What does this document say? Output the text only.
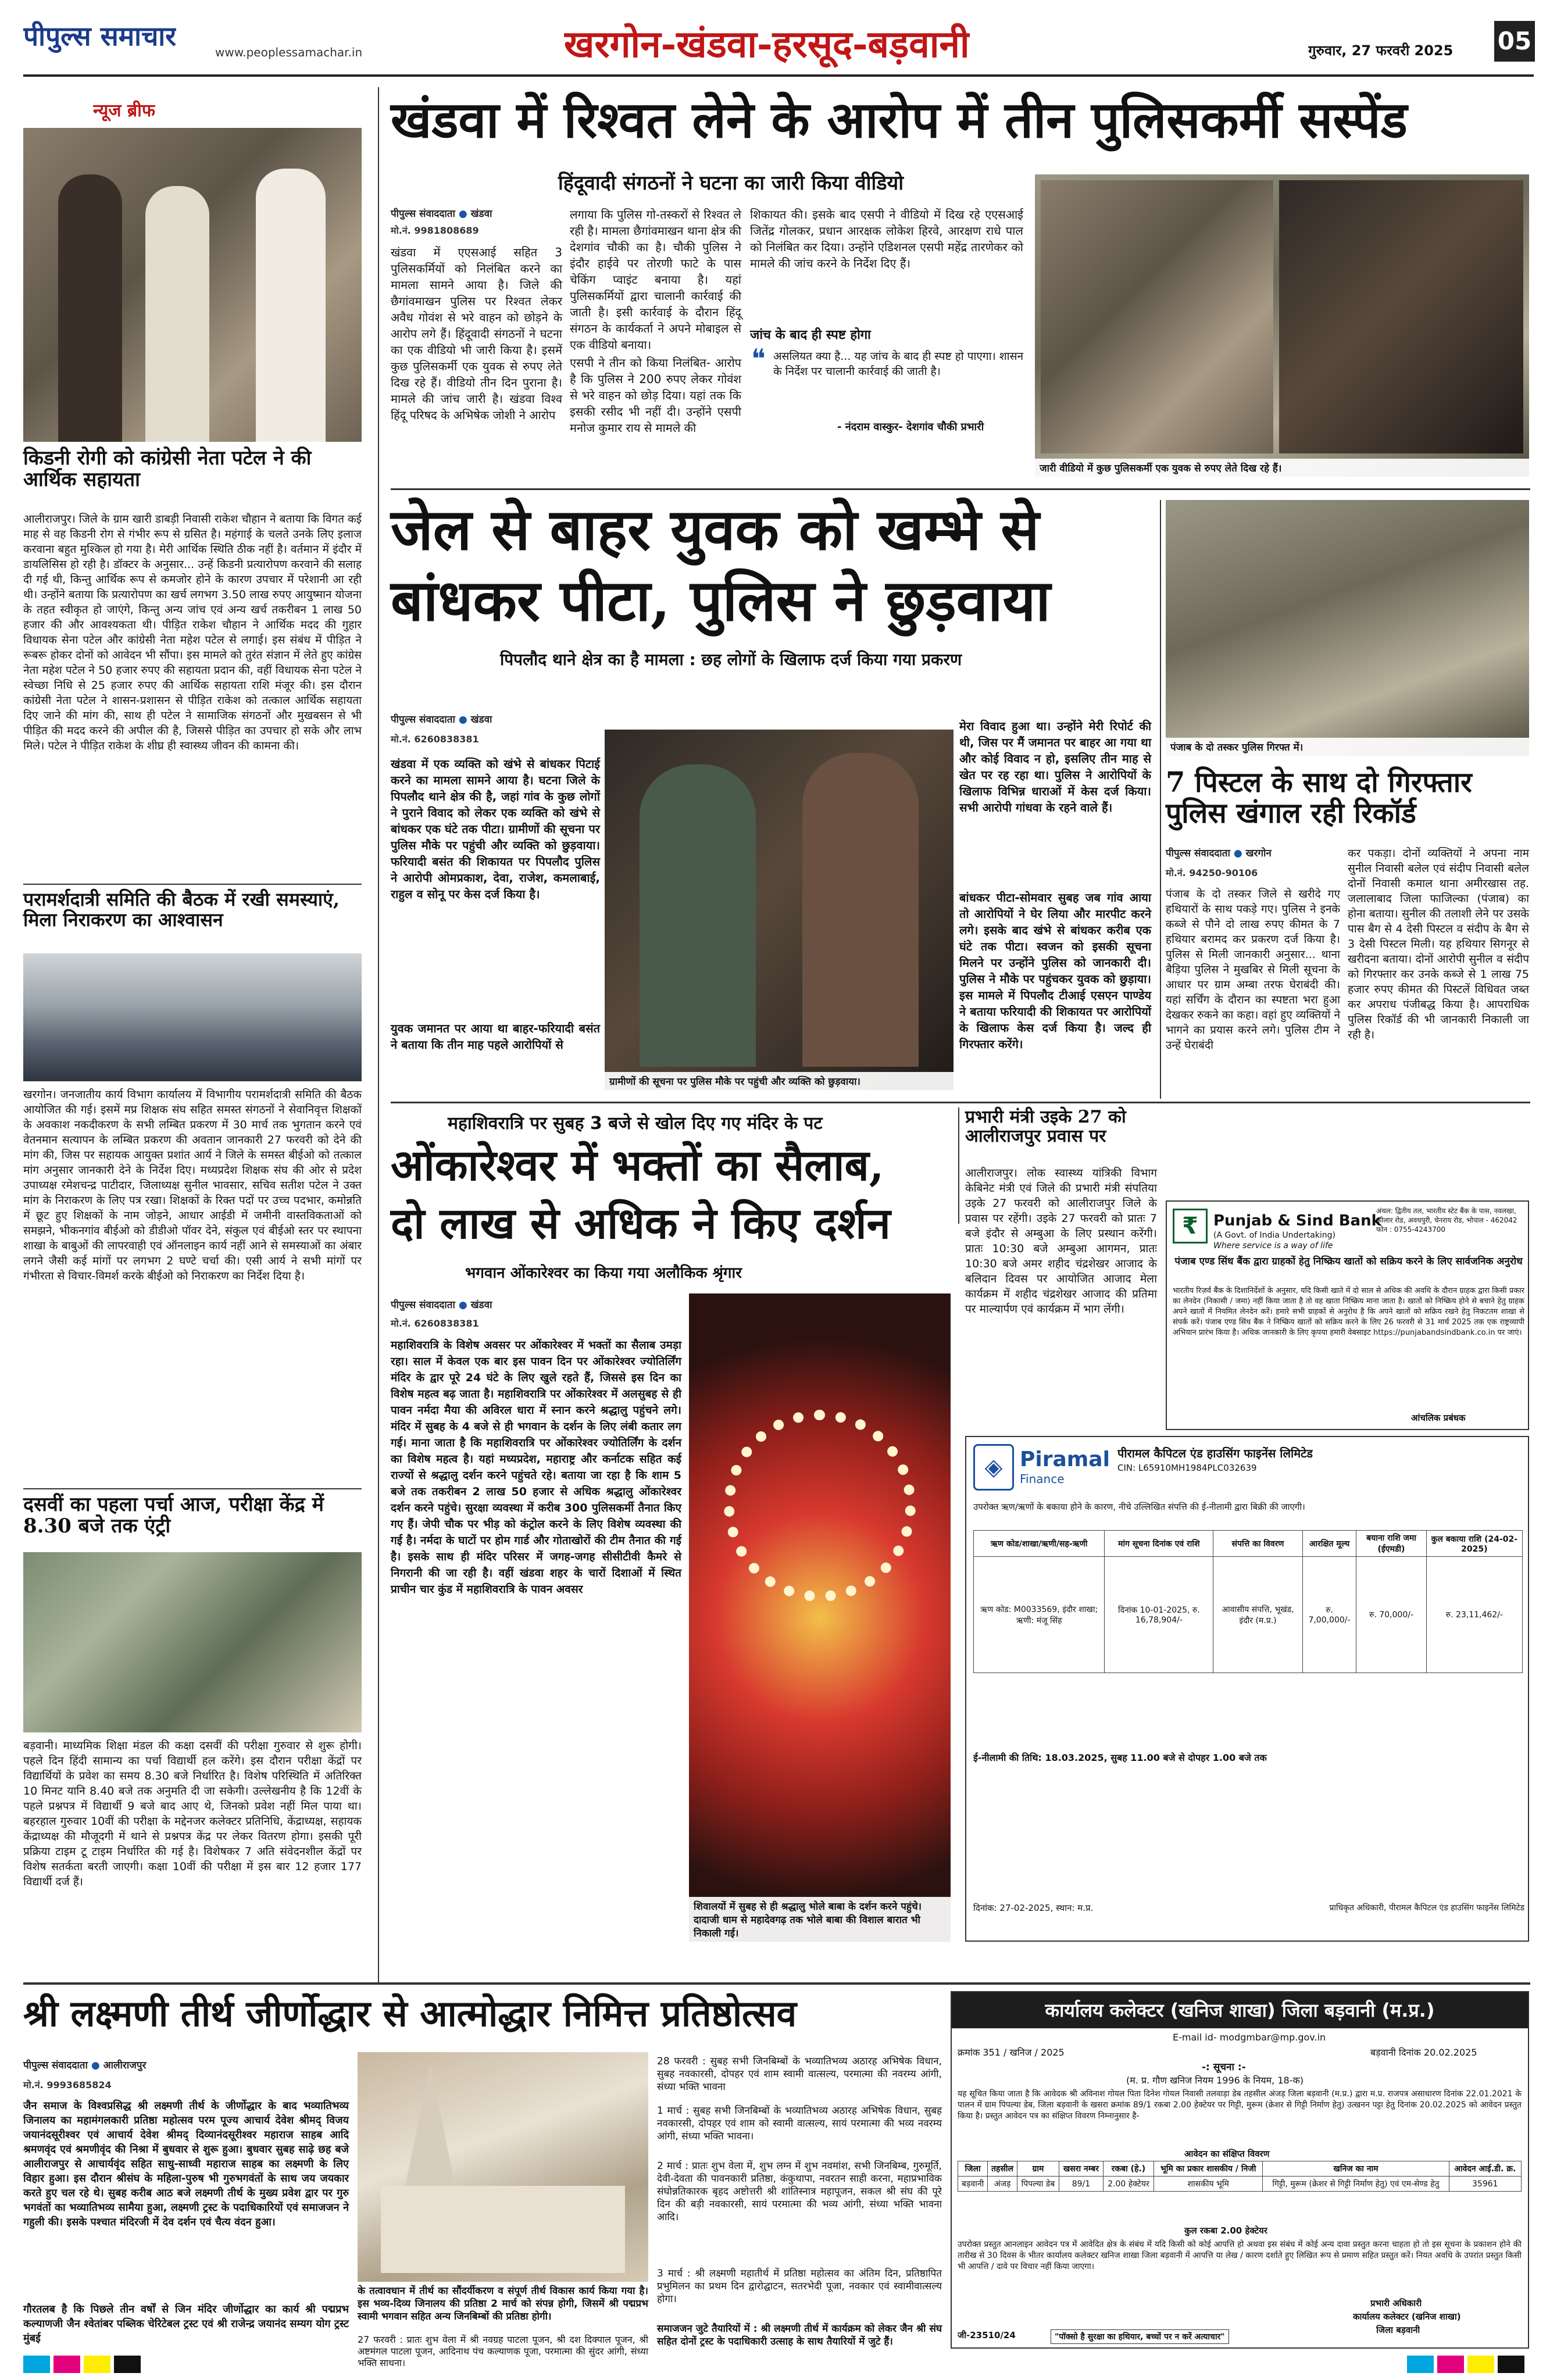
पीपुल्स समाचार
www.peoplessamachar.in	खरगोन-खंडवा-हरसूद-बड़वानी	गुरुवार, 27 फरवरी 2025 05
न्यूज ब्रीफ
किडनी रोगी को कांग्रेसी नेता पटेल ने की आर्थिक सहायता
आलीराजपुर। जिले के ग्राम खारी डाबड़ी निवासी राकेश चौहान ने बताया कि विगत कई माह से वह किडनी रोग से गंभीर रूप से ग्रसित है। महंगाई के चलते उनके लिए इलाज करवाना बहुत मुश्किल हो गया है। मेरी आर्थिक स्थिति ठीक नहीं है। वर्तमान में इंदौर में डायलिसिस हो रही है। डॉक्टर के अनुसार... उन्हें किडनी प्रत्यारोपण करवाने की सलाह दी गई थी, किन्तु आर्थिक रूप से कमजोर होने के कारण उपचार में परेशानी आ रही थी। उन्होंने बताया कि प्रत्यारोपण का खर्च लगभग 3.50 लाख रुपए आयुष्मान योजना के तहत स्वीकृत हो जाएंगे, किन्तु अन्य जांच एवं अन्य खर्च तकरीबन 1 लाख 50 हजार की और आवश्यकता थी। पीड़ित राकेश चौहान ने आर्थिक मदद की गुहार विधायक सेना पटेल और कांग्रेसी नेता महेश पटेल से लगाई। इस संबंध में पीड़ित ने रूबरू होकर दोनों को आवेदन भी सौंपा। इस मामले को तुरंत संज्ञान में लेते हुए कांग्रेस नेता महेश पटेल ने 50 हजार रुपए की सहायता प्रदान की, वहीं विधायक सेना पटेल ने स्वेच्छा निधि से 25 हजार रुपए की आर्थिक सहायता राशि मंजूर की। इस दौरान कांग्रेसी नेता पटेल ने शासन-प्रशासन से पीड़ित राकेश को तत्काल आर्थिक सहायता दिए जाने की मांग की, साथ ही पटेल ने सामाजिक संगठनों और मुखबसन से भी पीड़ित की मदद करने की अपील की है, जिससे पीड़ित का उपचार हो सके और लाभ मिले। पटेल ने पीड़ित राकेश के शीघ्र ही स्वास्थ्य जीवन की कामना की।
परामर्शदात्री समिति की बैठक में रखी समस्याएं, मिला निराकरण का आश्वासन
खरगोन। जनजातीय कार्य विभाग कार्यालय में विभागीय परामर्शदात्री समिति की बैठक आयोजित की गई। इसमें मप्र शिक्षक संघ सहित समस्त संगठनों ने सेवानिवृत्त शिक्षकों के अवकाश नकदीकरण के सभी लम्बित प्रकरण में 30 मार्च तक भुगतान करने एवं वेतनमान सत्यापन के लम्बित प्रकरण की अवतान जानकारी 27 फरवरी को देने की मांग की, जिस पर सहायक आयुक्त प्रशांत आर्य ने जिले के समस्त बीईओ को तत्काल मांग अनुसार जानकारी देने के निर्देश दिए। मध्यप्रदेश शिक्षक संघ की ओर से प्रदेश उपाध्यक्ष रमेशचन्द्र पाटीदार, जिलाध्यक्ष सुनील भावसार, सचिव सतीश पटेल ने उक्त मांग के निराकरण के लिए पत्र रखा। शिक्षकों के रिक्त पदों पर उच्च पदभार, कमोन्नति में छूट हुए शिक्षकों के नाम जोड़ने, आधार आईडी में जमीनी वास्तविकताओं को समझने, भीकनगांव बीईओ को डीडीओ पॉवर देने, संकुल एवं बीईओ स्तर पर स्थापना शाखा के बाबुओं की लापरवाही एवं ऑनलाइन कार्य नहीं आने से समस्याओं का अंबार लगने जैसी कई मांगों पर लगभग 2 घण्टे चर्चा की। एसी आर्य ने सभी मांगों पर गंभीरता से विचार-विमर्श करके बीईओ को निराकरण का निर्देश दिया है।
दसवीं का पहला पर्चा आज, परीक्षा केंद्र में 8.30 बजे तक एंट्री
बड़वानी। माध्यमिक शिक्षा मंडल की कक्षा दसवीं की परीक्षा गुरुवार से शुरू होगी। पहले दिन हिंदी सामान्य का पर्चा विद्यार्थी हल करेंगे। इस दौरान परीक्षा केंद्रों पर विद्यार्थियों के प्रवेश का समय 8.30 बजे निर्धारित है। विशेष परिस्थिति में अतिरिक्त 10 मिनट यानि 8.40 बजे तक अनुमति दी जा सकेगी। उल्लेखनीय है कि 12वीं के पहले प्रश्नपत्र में विद्यार्थी 9 बजे बाद आए थे, जिनको प्रवेश नहीं मिल पाया था। बहरहाल गुरुवार 10वीं की परीक्षा के मद्देनजर कलेक्टर प्रतिनिधि, केंद्राध्यक्ष, सहायक केंद्राध्यक्ष की मौजूदगी में थाने से प्रश्नपत्र केंद्र पर लेकर वितरण होगा। इसकी पूरी प्रक्रिया टाइम टू टाइम निर्धारित की गई है। विशेषकर 7 अति संवेदनशील केंद्रों पर विशेष सतर्कता बरती जाएगी। कक्षा 10वीं की परीक्षा में इस बार 12 हजार 177 विद्यार्थी दर्ज हैं।
खंडवा में रिश्वत लेने के आरोप में तीन पुलिसकर्मी सस्पेंड
हिंदूवादी संगठनों ने घटना का जारी किया वीडियो
पीपुल्स संवाददाता ● खंडवा
मो.नं. 9981808689
खंडवा में एएसआई सहित 3 पुलिसकर्मियों को निलंबित करने का मामला सामने आया है। जिले की छैगांवमाखन पुलिस पर रिश्वत लेकर अवैध गोवंश से भरे वाहन को छोड़ने के आरोप लगे हैं। हिंदूवादी संगठनों ने घटना का एक वीडियो भी जारी किया है। इसमें कुछ पुलिसकर्मी एक युवक से रुपए लेते दिख रहे हैं। वीडियो तीन दिन पुराना है। मामले की जांच जारी है। खंडवा विश्व हिंदू परिषद के अभिषेक जोशी ने आरोप
लगाया कि पुलिस गो-तस्करों से रिश्वत ले रही है। मामला छैगांवमाखन थाना क्षेत्र की देशगांव चौकी का है। चौकी पुलिस ने इंदौर हाईवे पर तोरणी फाटे के पास चेकिंग प्वाइंट बनाया है। यहां पुलिसकर्मियों द्वारा चालानी कार्रवाई की जाती है। इसी कार्रवाई के दौरान हिंदू संगठन के कार्यकर्ता ने अपने मोबाइल से एक वीडियो बनाया।
एसपी ने तीन को किया निलंबित- आरोप है कि पुलिस ने 200 रुपए लेकर गोवंश से भरे वाहन को छोड़ दिया। यहां तक कि इसकी रसीद भी नहीं दी। उन्होंने एसपी मनोज कुमार राय से मामले की
शिकायत की। इसके बाद एसपी ने वीडियो में दिख रहे एएसआई जितेंद्र गोलकर, प्रधान आरक्षक लोकेश हिरवे, आरक्षण राधे पाल को निलंबित कर दिया। उन्होंने एडिशनल एसपी महेंद्र तारणेकर को मामले की जांच करने के निर्देश दिए हैं।
जांच के बाद ही स्पष्ट होगा
असलियत क्या है... यह जांच के बाद ही स्पष्ट हो पाएगा। शासन के निर्देश पर चालानी कार्रवाई की जाती है।
❝
- नंदराम वास्कुर- देशगांव चौकी प्रभारी
जारी वीडियो में कुछ पुलिसकर्मी एक युवक से रुपए लेते दिख रहे हैं।
जेल से बाहर युवक को खम्भे से
बांधकर पीटा, पुलिस ने छुड़वाया
पिपलौद थाने क्षेत्र का है मामला : छह लोगों के खिलाफ दर्ज किया गया प्रकरण
पीपुल्स संवाददाता ● खंडवा
मो.नं. 6260838381
खंडवा में एक व्यक्ति को खंभे से बांधकर पिटाई करने का मामला सामने आया है। घटना जिले के पिपलौद थाने क्षेत्र की है, जहां गांव के कुछ लोगों ने पुराने विवाद को लेकर एक व्यक्ति को खंभे से बांधकर एक घंटे तक पीटा। ग्रामीणों की सूचना पर पुलिस मौके पर पहुंची और व्यक्ति को छुड़वाया। फरियादी बसंत की शिकायत पर पिपलौद पुलिस ने आरोपी ओमप्रकाश, देवा, राजेश, कमलाबाई, राहुल व सोनू पर केस दर्ज किया है।
युवक जमानत पर आया था बाहर-फरियादी बसंत ने बताया कि तीन माह पहले आरोपियों से
ग्रामीणों की सूचना पर पुलिस मौके पर पहुंची और व्यक्ति को छुड़वाया।
मेरा विवाद हुआ था। उन्होंने मेरी रिपोर्ट की थी, जिस पर मैं जमानत पर बाहर आ गया था और कोई विवाद न हो, इसलिए तीन माह से खेत पर रह रहा था। पुलिस ने आरोपियों के खिलाफ विभिन्न धाराओं में केस दर्ज किया। सभी आरोपी गांधवा के रहने वाले हैं।
बांधकर पीटा-सोमवार सुबह जब गांव आया तो आरोपियों ने घेर लिया और मारपीट करने लगे। इसके बाद खंभे से बांधकर करीब एक घंटे तक पीटा। स्वजन को इसकी सूचना मिलने पर उन्होंने पुलिस को जानकारी दी। पुलिस ने मौके पर पहुंचकर युवक को छुड़ाया। इस मामले में पिपलौद टीआई एसएन पाण्डेय ने बताया फरियादी की शिकायत पर आरोपियों के खिलाफ केस दर्ज किया है। जल्द ही गिरफ्तार करेंगे।
पंजाब के दो तस्कर पुलिस गिरफ्त में।
7 पिस्टल के साथ दो गिरफ्तार पुलिस खंगाल रही रिकॉर्ड
पीपुल्स संवाददाता ● खरगोन
मो.नं. 94250-90106
पंजाब के दो तस्कर जिले से खरीदे गए हथियारों के साथ पकड़े गए। पुलिस ने इनके कब्जे से पौने दो लाख रुपए कीमत के 7 हथियार बरामद कर प्रकरण दर्ज किया है। पुलिस से मिली जानकारी अनुसार... थाना बैड़िया पुलिस ने मुखबिर से मिली सूचना के आधार पर ग्राम अम्बा तरफ घेराबंदी की। यहां सर्चिंग के दौरान का स्पष्टता भरा हुआ देखकर रुकने का कहा। वहां हुए व्यक्तियों ने भागने का प्रयास करने लगे। पुलिस टीम ने उन्हें घेराबंदी
कर पकड़ा। दोनों व्यक्तियों ने अपना नाम सुनील निवासी बलेल एवं संदीप निवासी बलेल दोनों निवासी कमाल थाना अमीरखास तह. जलालाबाद जिला फाजिल्का (पंजाब) का होना बताया। सुनील की तलाशी लेने पर उसके पास बैग से 4 देसी पिस्टल व संदीप के बैग से 3 देसी पिस्टल मिली। यह हथियार सिगनूर से खरीदना बताया। दोनों आरोपी सुनील व संदीप को गिरफ्तार कर उनके कब्जे से 1 लाख 75 हजार रुपए कीमत की पिस्टलें विधिवत जब्त कर अपराध पंजीबद्ध किया है। आपराधिक पुलिस रिकॉर्ड की भी जानकारी निकाली जा रही है।
महाशिवरात्रि पर सुबह 3 बजे से खोल दिए गए मंदिर के पट
ओंकारेश्वर में भक्तों का सैलाब,
दो लाख से अधिक ने किए दर्शन
भगवान ओंकारेश्वर का किया गया अलौकिक श्रृंगार
पीपुल्स संवाददाता ● खंडवा
मो.नं. 6260838381
महाशिवरात्रि के विशेष अवसर पर ओंकारेश्वर में भक्तों का सैलाब उमड़ा रहा। साल में केवल एक बार इस पावन दिन पर ओंकारेश्वर ज्योतिर्लिंग मंदिर के द्वार पूरे 24 घंटे के लिए खुले रहते हैं, जिससे इस दिन का विशेष महत्व बढ़ जाता है। महाशिवरात्रि पर ओंकारेश्वर में अलसुबह से ही पावन नर्मदा मैया की अविरल धारा में स्नान करने श्रद्धालु पहुंचने लगे। मंदिर में सुबह के 4 बजे से ही भगवान के दर्शन के लिए लंबी कतार लग गई। माना जाता है कि महाशिवरात्रि पर ओंकारेश्वर ज्योतिर्लिंग के दर्शन का विशेष महत्व है। यहां मध्यप्रदेश, महाराष्ट्र और कर्नाटक सहित कई राज्यों से श्रद्धालु दर्शन करने पहुंचते रहे। बताया जा रहा है कि शाम 5 बजे तक तकरीबन 2 लाख 50 हजार से अधिक श्रद्धालु ओंकारेश्वर दर्शन करने पहुंचे। सुरक्षा व्यवस्था में करीब 300 पुलिसकर्मी तैनात किए गए हैं। जेपी चौक पर भीड़ को कंट्रोल करने के लिए विशेष व्यवस्था की गई है। नर्मदा के घाटों पर होम गार्ड और गोताखोरों की टीम तैनात की गई है। इसके साथ ही मंदिर परिसर में जगह-जगह सीसीटीवी कैमरे से निगरानी की जा रही है। वहीं खंडवा शहर के चारों दिशाओं में स्थित प्राचीन चार कुंड में महाशिवरात्रि के पावन अवसर
शिवालयों में सुबह से ही श्रद्धालु भोले बाबा के दर्शन करने पहुंचे। दादाजी धाम से महादेवगढ़ तक भोले बाबा की विशाल बारात भी निकाली गई।
प्रभारी मंत्री उइके 27 को आलीराजपुर प्रवास पर
आलीराजपुर। लोक स्वास्थ्य यांत्रिकी विभाग केबिनेट मंत्री एवं जिले की प्रभारी मंत्री संपतिया उइके 27 फरवरी को आलीराजपुर जिले के प्रवास पर रहेंगी। उइके 27 फरवरी को प्रातः 7 बजे इंदौर से अम्बुआ के लिए प्रस्थान करेंगी। प्रातः 10:30 बजे अम्बुआ आगमन, प्रातः 10:30 बजे अमर शहीद चंद्रशेखर आजाद के बलिदान दिवस पर आयोजित आजाद मेला कार्यक्रम में शहीद चंद्रशेखर आजाद की प्रतिमा पर माल्यार्पण एवं कार्यक्रम में भाग लेंगी।
₹	Punjab & Sind Bank
(A Govt. of India Undertaking)
Where service is a way of life
अंचल: द्वितीय तल, भारतीय स्टेट बैंक के पास, नवलखा, कोलार रोड, अवधपुरी, चेनराय रोड, भोपाल - 462042 फोन : 0755-4243700
पंजाब एण्ड सिंध बैंक द्वारा ग्राहकों हेतु निष्क्रिय खातों को सक्रिय करने के लिए सार्वजनिक अनुरोध
भारतीय रिज़र्व बैंक के दिशानिर्देशों के अनुसार, यदि किसी खाते में दो साल से अधिक की अवधि के दौरान ग्राहक द्वारा किसी प्रकार का लेनदेन (निकासी / जमा) नहीं किया जाता है तो वह खाता निष्क्रिय माना जाता है। खातों को निष्क्रिय होने से बचाने हेतु ग्राहक अपने खातों में नियमित लेनदेन करें। हमारे सभी ग्राहकों से अनुरोध है कि अपने खातों को सक्रिय रखने हेतु निकटतम शाखा से संपर्क करें। पंजाब एण्ड सिंध बैंक ने निष्क्रिय खातों को सक्रिय करने के लिए 26 फरवरी से 31 मार्च 2025 तक एक राष्ट्रव्यापी अभियान प्रारंभ किया है। अधिक जानकारी के लिए कृपया हमारी वेबसाइट https://punjabandsindbank.co.in पर जाएं।
आंचलिक प्रबंधक
◈ Piramal
Finance
पीरामल कैपिटल एंड हाउसिंग फाइनेंस लिमिटेड
CIN: L65910MH1984PLC032639
उपरोक्त ऋण/ऋणों के बकाया होने के कारण, नीचे उल्लिखित संपत्ति की ई-नीलामी द्वारा बिक्री की जाएगी।
ऋण कोड/शाखा/ऋणी/सह-ऋणी	मांग सूचना दिनांक एवं राशि	संपत्ति का विवरण	आरक्षित मूल्य	बयाना राशि जमा (ईएमडी)	कुल बकाया राशि (24-02-2025)
ऋण कोड: M0033569, इंदौर शाखा; ऋणी: मंजू सिंह	दिनांक 10-01-2025, रु. 16,78,904/-	आवासीय संपत्ति, भूखंड, इंदौर (म.प्र.)	रु. 7,00,000/-	रु. 70,000/-	रु. 23,11,462/-
ई-नीलामी की तिथि: 18.03.2025, सुबह 11.00 बजे से दोपहर 1.00 बजे तक
दिनांक: 27-02-2025, स्थान: म.प्र.	प्राधिकृत अधिकारी, पीरामल कैपिटल एंड हाउसिंग फाइनेंस लिमिटेड
श्री लक्ष्मणी तीर्थ जीर्णोद्धार से आत्मोद्धार निमित्त प्रतिष्ठोत्सव
पीपुल्स संवाददाता ● आलीराजपुर
मो.नं. 9993685824
जैन समाज के विश्वप्रसिद्ध श्री लक्ष्मणी तीर्थ के जीर्णोद्धार के बाद भव्यातिभव्य जिनालय का महामंगलकारी प्रतिष्ठा महोत्सव परम पूज्य आचार्य देवेश श्रीमद् विजय जयानंदसूरीश्वर एवं आचार्य देवेश श्रीमद् दिव्यानंदसूरीश्वर महाराज साहब आदि श्रमणवृंद एवं श्रमणीवृंद की निश्रा में बुधवार से शुरू हुआ। बुधवार सुबह साढ़े छह बजे आलीराजपुर से आचार्यवृंद सहित साधु-साध्वी महाराज साहब का लक्ष्मणी के लिए विहार हुआ। इस दौरान श्रीसंघ के महिला-पुरुष भी गुरुभगवंतों के साथ जय जयकार करते हुए चल रहे थे। सुबह करीब आठ बजे लक्ष्मणी तीर्थ के मुख्य प्रवेश द्वार पर गुरु भगवंतों का भव्यातिभव्य सामैया हुआ, लक्ष्मणी ट्रस्ट के पदाधिकारियों एवं समाजजन ने गहुली की। इसके पश्चात मंदिरजी में देव दर्शन एवं चैत्य वंदन हुआ।
गौरतलब है कि पिछले तीन वर्षों से जिन मंदिर जीर्णोद्धार का कार्य श्री पद्मप्रभ कल्याणजी जैन श्वेतांबर पब्लिक चेरिटेबल ट्रस्ट एवं श्री राजेन्द्र जयानंद सम्यग योग ट्रस्ट मुंबई
के तत्वावधान में तीर्थ का सौंदर्यीकरण व संपूर्ण तीर्थ विकास कार्य किया गया है। इस भव्य-दिव्य जिनालय की प्रतिष्ठा 2 मार्च को संपन्न होगी, जिसमें श्री पद्मप्रभ स्वामी भगवान सहित अन्य जिनबिम्बों की प्रतिष्ठा होगी।
27 फरवरी : प्रातः शुभ वेला में श्री नवग्रह पाटला पूजन, श्री दश दिक्पाल पूजन, श्री अष्टमंगल पाटला पूजन, आदिनाथ पंच कल्याणक पूजा, परमात्मा की सुंदर आंगी, संध्या भक्ति साधना।
28 फरवरी : सुबह सभी जिनबिम्बों के भव्यातिभव्य अठारह अभिषेक विधान, सुबह नवकारसी, दोपहर एवं शाम स्वामी वात्सल्य, परमात्मा की नवरम्य आंगी, संध्या भक्ति भावना
1 मार्च : सुबह सभी जिनबिम्बों के भव्यातिभव्य अठारह अभिषेक विधान, सुबह नवकारसी, दोपहर एवं शाम को स्वामी वात्सल्य, सायं परमात्मा की भव्य नवरम्य आंगी, संध्या भक्ति भावना।
2 मार्च : प्रातः शुभ वेला में, शुभ लग्न में शुभ नवमांश, सभी जिनबिम्ब, गुरुमूर्ति, देवी-देवता की पावनकारी प्रतिष्ठा, कंकुथापा, नवरतन साही करना, महाप्रभाविक संघोन्नतिकारक बृहद अष्टोत्तरी श्री शांतिस्नात्र महापूजन, सकल श्री संघ की पूरे दिन की बड़ी नवकारसी, सायं परमात्मा की भव्य आंगी, संध्या भक्ति भावना आदि।
3 मार्च : श्री लक्ष्मणी महातीर्थ में प्रतिष्ठा महोत्सव का अंतिम दिन, प्रतिष्ठापित प्रभुमिलन का प्रथम दिन द्वारोद्घाटन, सतरभेदी पूजा, नवकार एवं स्वामीवात्सल्य होगा।
समाजजन जुटे तैयारियों में : श्री लक्ष्मणी तीर्थ में कार्यक्रम को लेकर जैन श्री संघ सहित दोनों ट्रस्ट के पदाधिकारी उत्साह के साथ तैयारियों में जुटे हैं।
कार्यालय कलेक्टर (खनिज शाखा) जिला बड़वानी (म.प्र.)
E-mail id- modgmbar@mp.gov.in
क्रमांक 351 / खनिज / 2025	बड़वानी दिनांक 20.02.2025
-: सूचना :-
(म. प्र. गौण खनिज नियम 1996 के नियम, 18-क)
यह सूचित किया जाता है कि आवेदक श्री अविनाश गोयल पिता दिनेश गोयल निवासी तलवाड़ा डेब तहसील अंजड़ जिला बड़वानी (म.प्र.) द्वारा म.प्र. राजपत्र असाधारण दिनांक 22.01.2021 के पालन में ग्राम पिपल्या डेब, जिला बड़वानी के खसरा क्रमांक 89/1 रकबा 2.00 हेक्टेयर पर गिट्टी, मुरूम (क्रेशर से गिट्टी निर्माण हेतु) उत्खनन पट्टा हेतु दिनांक 20.02.2025 को आवेदन प्रस्तुत किया है। प्रस्तुत आवेदन पत्र का संक्षिप्त विवरण निम्नानुसार है-
आवेदन का संक्षिप्त विवरण
जिला	तहसील	ग्राम	खसरा नम्बर	रकबा (हे.)	भूमि का प्रकार शासकीय / निजी	खनिज का नाम	आवेदन आई.डी. क्र.
बड़वानी	अंजड़	पिपल्या डेब	89/1	2.00 हेक्टेयर	शासकीय भूमि	गिट्टी, मुरूम (क्रेशर से गिट्टी निर्माण हेतु) एवं एम-सेण्ड हेतु	35961
कुल रकबा 2.00 हेक्टेयर
उपरोक्त प्रस्तुत आनलाइन आवेदन पत्र में आवेदित क्षेत्र के संबंध में यदि किसी को कोई आपत्ति हो अथवा इस संबंध में कोई अन्य दावा प्रस्तुत करना चाहता हो तो इस सूचना के प्रकाशन होने की तारीख से 30 दिवस के भीतर कार्यालय कलेक्टर खनिज शाखा जिला बड़वानी में आपत्ति या लेख / कारण दर्शाते हुए लिखित रूप से प्रमाण सहित प्रस्तुत करें। नियत अवधि के उपरांत प्रस्तुत किसी भी आपत्ति / दावे पर विचार नहीं किया जाएगा।
प्रभारी अधिकारी
कार्यालय कलेक्टर (खनिज शाखा)
जिला बड़वानी
जी-23510/24	"पॉक्सो है सुरक्षा का हथियार, बच्चों पर न करें अत्याचार"
